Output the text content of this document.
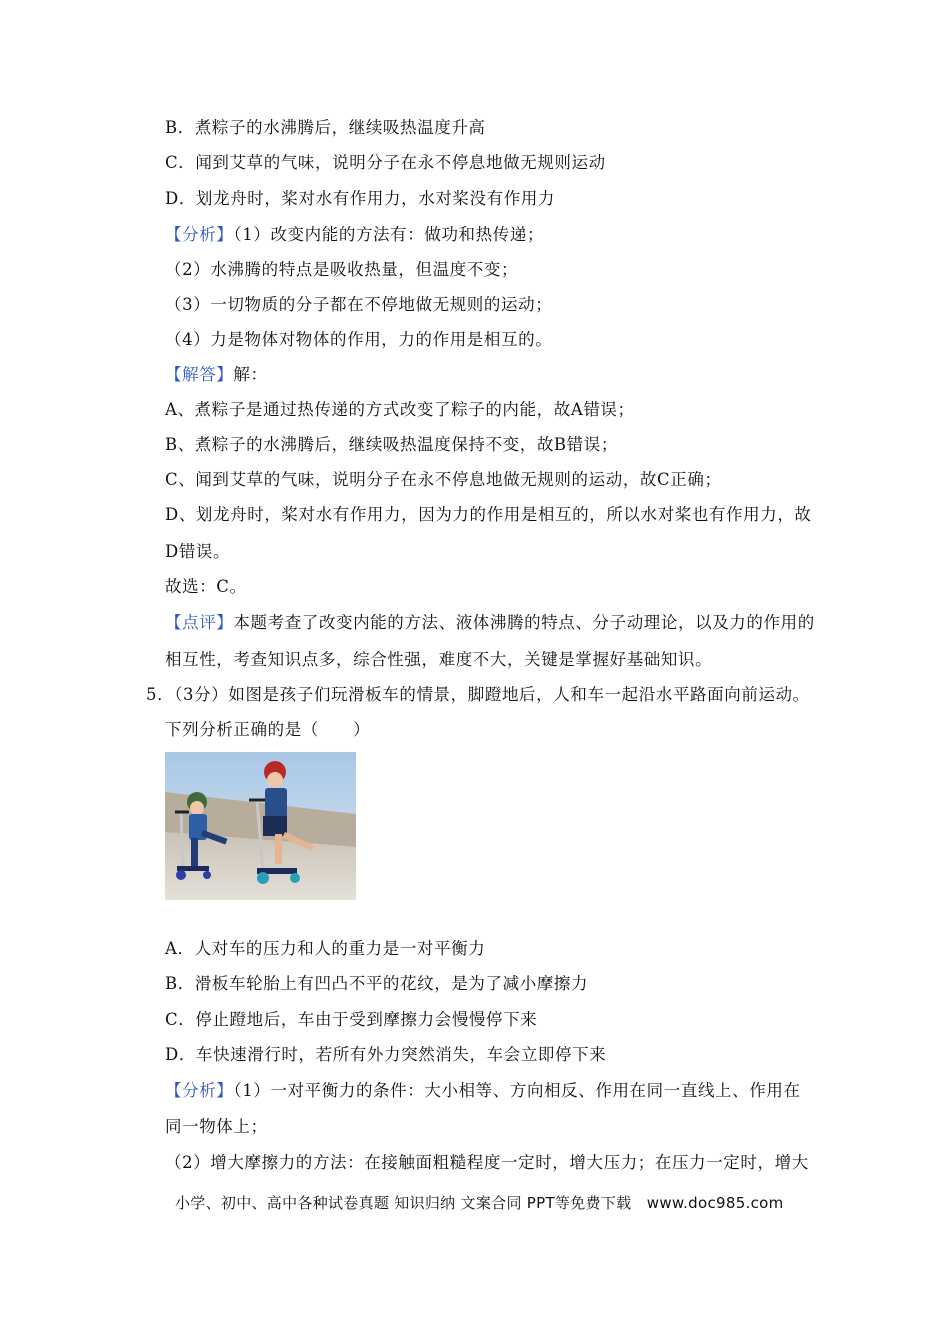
B．煮粽子的水沸腾后，继续吸热温度升高
C．闻到艾草的气味，说明分子在永不停息地做无规则运动
D．划龙舟时，桨对水有作用力，水对桨没有作用力
【分析】（1）改变内能的方法有：做功和热传递；
（2）水沸腾的特点是吸收热量，但温度不变；
（3）一切物质的分子都在不停地做无规则的运动；
（4）力是物体对物体的作用，力的作用是相互的。
【解答】解：
A、煮粽子是通过热传递的方式改变了粽子的内能，故A错误；
B、煮粽子的水沸腾后，继续吸热温度保持不变，故B错误；
C、闻到艾草的气味，说明分子在永不停息地做无规则的运动，故C正确；
D、划龙舟时，桨对水有作用力，因为力的作用是相互的，所以水对桨也有作用力，故
D错误。
故选：C。
【点评】本题考查了改变内能的方法、液体沸腾的特点、分子动理论，以及力的作用的
相互性，考查知识点多，综合性强，难度不大，关键是掌握好基础知识。
5．（3分）如图是孩子们玩滑板车的情景，脚蹬地后，人和车一起沿水平路面向前运动。
下列分析正确的是（　　）
A．人对车的压力和人的重力是一对平衡力
B．滑板车轮胎上有凹凸不平的花纹，是为了减小摩擦力
C．停止蹬地后，车由于受到摩擦力会慢慢停下来
D．车快速滑行时，若所有外力突然消失，车会立即停下来
【分析】（1）一对平衡力的条件：大小相等、方向相反、作用在同一直线上、作用在
同一物体上；
（2）增大摩擦力的方法：在接触面粗糙程度一定时，增大压力；在压力一定时，增大
小学、初中、高中各种试卷真题 知识归纳 文案合同 PPT等免费下载　www.doc985.com
